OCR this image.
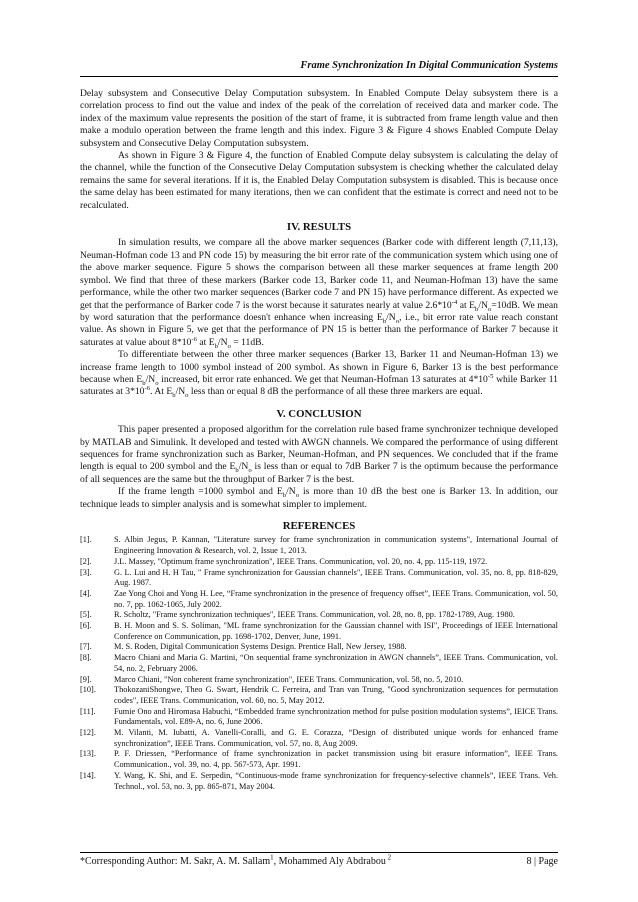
Frame Synchronization In Digital Communication Systems

Delay subsystem and Consecutive Delay Computation subsystem. In Enabled Compute Delay subsystem there is a correlation process to find out the value and index of the peak of the correlation of received data and marker code. The index of the maximum value represents the position of the start of frame, it is subtracted from frame length value and then make a modulo operation between the frame length and this index. Figure 3 & Figure 4 shows Enabled Compute Delay subsystem and Consecutive Delay Computation subsystem.

As shown in Figure 3 & Figure 4, the function of Enabled Compute delay subsystem is calculating the delay of the channel, while the function of the Consecutive Delay Computation subsystem is checking whether the calculated delay remains the same for several iterations. If it is, the Enabled Delay Computation subsystem is disabled. This is because once the same delay has been estimated for many iterations, then we can confident that the estimate is correct and need not to be recalculated.

IV. RESULTS

In simulation results, we compare all the above marker sequences (Barker code with different length (7,11,13), Neuman-Hofman code 13 and PN code 15) by measuring the bit error rate of the communication system which using one of the above marker sequence. Figure 5 shows the comparison between all these marker sequences at frame length 200 symbol. We find that three of these markers (Barker code 13, Barker code 11, and Neuman-Hofman 13) have the same performance, while the other two marker sequences (Barker code 7 and PN 15) have performance different. As expected we get that the performance of Barker code 7 is the worst because it saturates nearly at value $2.6*10^{-4}$ at $E_b/N_o=10dB$. We mean by word saturation that the performance doesn't enhance when increasing $E_b/N_o$, i.e., bit error rate value reach constant value. As shown in Figure 5, we get that the performance of PN 15 is better than the performance of Barker 7 because it saturates at value about $8*10^{-6}$ at $E_b/N_o = 11dB$.

To differentiate between the other three marker sequences (Barker 13, Barker 11 and Neuman-Hofman 13) we increase frame length to 1000 symbol instead of 200 symbol. As shown in Figure 6, Barker 13 is the best performance because when $E_b/N_o$ increased, bit error rate enhanced. We get that Neuman-Hofman 13 saturates at $4*10^{-5}$ while Barker 11 saturates at $3*10^{-6}$. At $E_b/N_o$ less than or equal 8 dB the performance of all these three markers are equal.

V. CONCLUSION

This paper presented a proposed algorithm for the correlation rule based frame synchronizer technique developed by MATLAB and Simulink. It developed and tested with AWGN channels. We compared the performance of using different sequences for frame synchronization such as Barker, Neuman-Hofman, and PN sequences. We concluded that if the frame length is equal to 200 symbol and the $E_b/N_o$ is less than or equal to 7dB Barker 7 is the optimum because the performance of all sequences are the same but the throughput of Barker 7 is the best.

If the frame length =1000 symbol and $E_b/N_o$ is more than 10 dB the best one is Barker 13. In addition, our technique leads to simpler analysis and is somewhat simpler to implement.

REFERENCES

[1].	S. Albin Jegus, P. Kannan, "Literature survey for frame synchronization in communication systems", International Journal of Engineering Innovation & Research, vol. 2, Issue 1, 2013.

[2].	J.L. Massey, "Optimum frame synchronization", IEEE Trans. Communication, vol. 20, no. 4, pp. 115-119, 1972.

[3].	G. L. Lui and H. H Tau, " Frame synchronization for Gaussian channels", IEEE Trans. Communication, vol. 35, no. 8, pp. 818-829, Aug. 1987.

[4].	Zae Yong Choi and Yong H. Lee, “Frame synchronization in the presence of frequency offset”, IEEE Trans. Communication, vol. 50, no. 7, pp. 1062-1065, July 2002.

[5].	R. Scholtz, "Frame synchronization techniques", IEEE Trans. Communication, vol. 28, no. 8, pp. 1782-1789, Aug. 1980.

[6].	B. H. Moon and S. S. Soliman, "ML frame synchronization for the Gaussian channel with ISI", Proceedings of IEEE International Conference on Communication, pp. 1698-1702, Denver, June, 1991.

[7].	M. S. Roden, Digital Communication Systems Design. Prentice Hall, New Jersey, 1988.

[8].	Macro Chiani and Maria G. Martini, “On sequential frame synchronization in AWGN channels”, IEEE Trans. Communication, vol. 54, no. 2, February 2006.

[9].	Marco Chiani, "Non coherent frame synchronization", IEEE Trans. Communication, vol. 58, no. 5, 2010.

[10].	ThokozaniShongwe, Theo G. Swart, Hendrik C. Ferreira, and Tran van Trung, "Good synchronization sequences for permutation codes", IEEE Trans. Communication, vol. 60, no. 5, May 2012.

[11].	Fumie Ono and Hiromasa Habuchi, “Embedded frame synchronization method for pulse position modulation systems”, IEICE Trans. Fundamentals, vol. E89-A, no. 6, June 2006.

[12].	M. Vilanti, M. Iubatti, A. Vanelli-Coralli, and G. E. Corazza, “Design of distributed unique words for enhanced frame synchronization”, IEEE Trans. Communication, vol. 57, no. 8, Aug 2009.

[13].	P. F. Driessen, “Performance of frame synchronization in packet transmission using bit erasure information”, IEEE Trans. Communication., vol. 39, no. 4, pp. 567-573, Apr. 1991.

[14].	Y. Wang, K. Shi, and E. Serpedin, “Continuous-mode frame synchronization for frequency-selective channels”, IEEE Trans. Veh. Technol., vol. 53, no. 3, pp. 865-871, May 2004.

*Corresponding Author: M. Sakr, A. M. Sallam$^1$, Mohammed Aly Abdrabou $^2$	8 | Page
